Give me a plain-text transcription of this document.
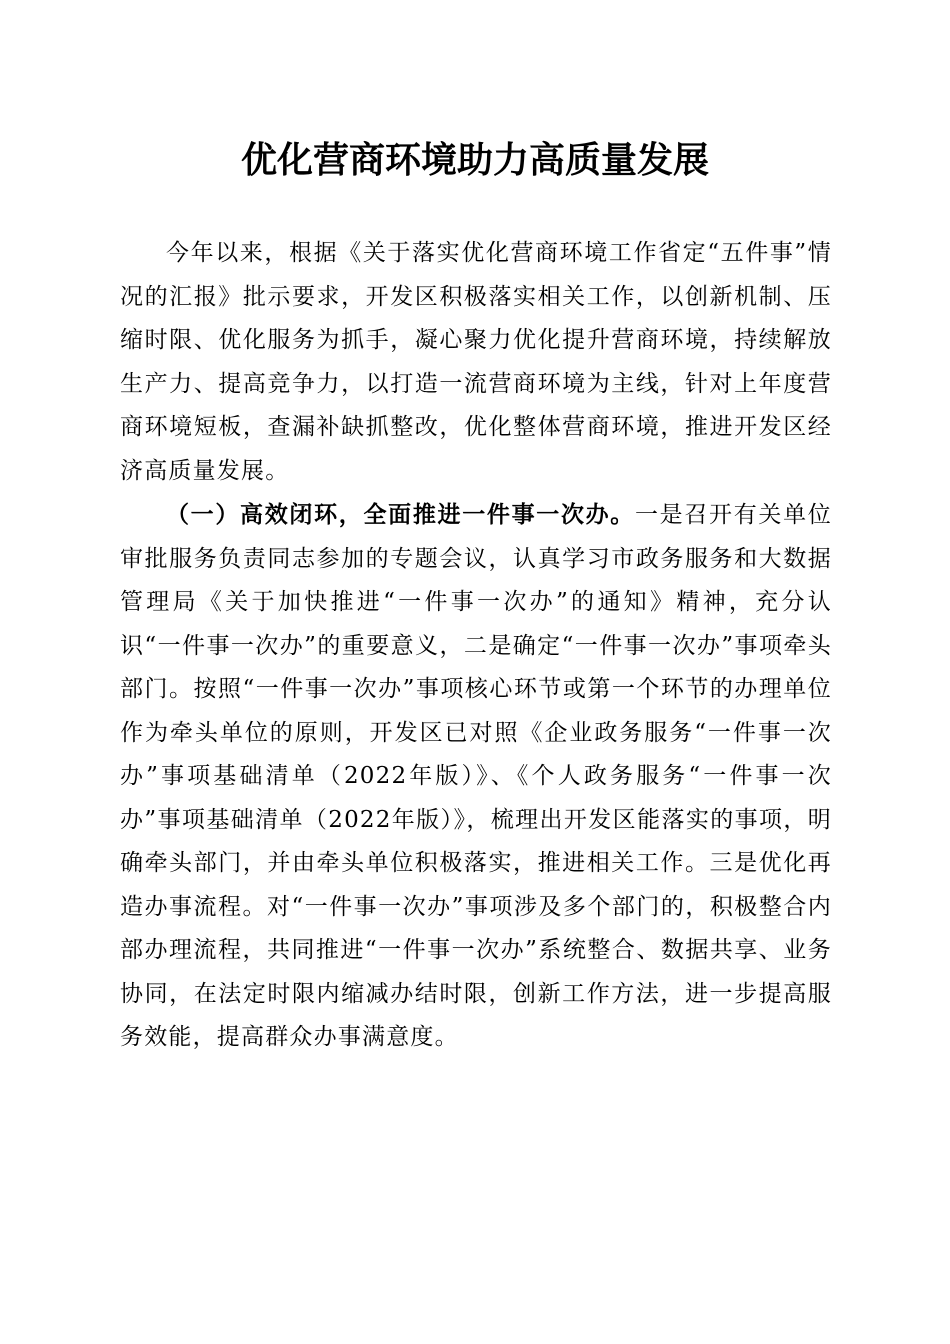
优化营商环境助力高质量发展

今年以来，根据《关于落实优化营商环境工作省定“五件事”情况的汇报》批示要求，开发区积极落实相关工作，以创新机制、压缩时限、优化服务为抓手，凝心聚力优化提升营商环境，持续解放生产力、提高竞争力，以打造一流营商环境为主线，针对上年度营商环境短板，查漏补缺抓整改，优化整体营商环境，推进开发区经济高质量发展。

（一）高效闭环，全面推进一件事一次办。一是召开有关单位审批服务负责同志参加的专题会议，认真学习市政务服务和大数据管理局《关于加快推进“一件事一次办”的通知》精神，充分认识“一件事一次办”的重要意义，二是确定“一件事一次办”事项牵头部门。按照“一件事一次办”事项核心环节或第一个环节的办理单位作为牵头单位的原则，开发区已对照《企业政务服务“一件事一次办”事项基础清单（2022年版）》、《个人政务服务“一件事一次办”事项基础清单（2022年版）》，梳理出开发区能落实的事项，明确牵头部门，并由牵头单位积极落实，推进相关工作。三是优化再造办事流程。对“一件事一次办”事项涉及多个部门的，积极整合内部办理流程，共同推进“一件事一次办”系统整合、数据共享、业务协同，在法定时限内缩减办结时限，创新工作方法，进一步提高服务效能，提高群众办事满意度。
